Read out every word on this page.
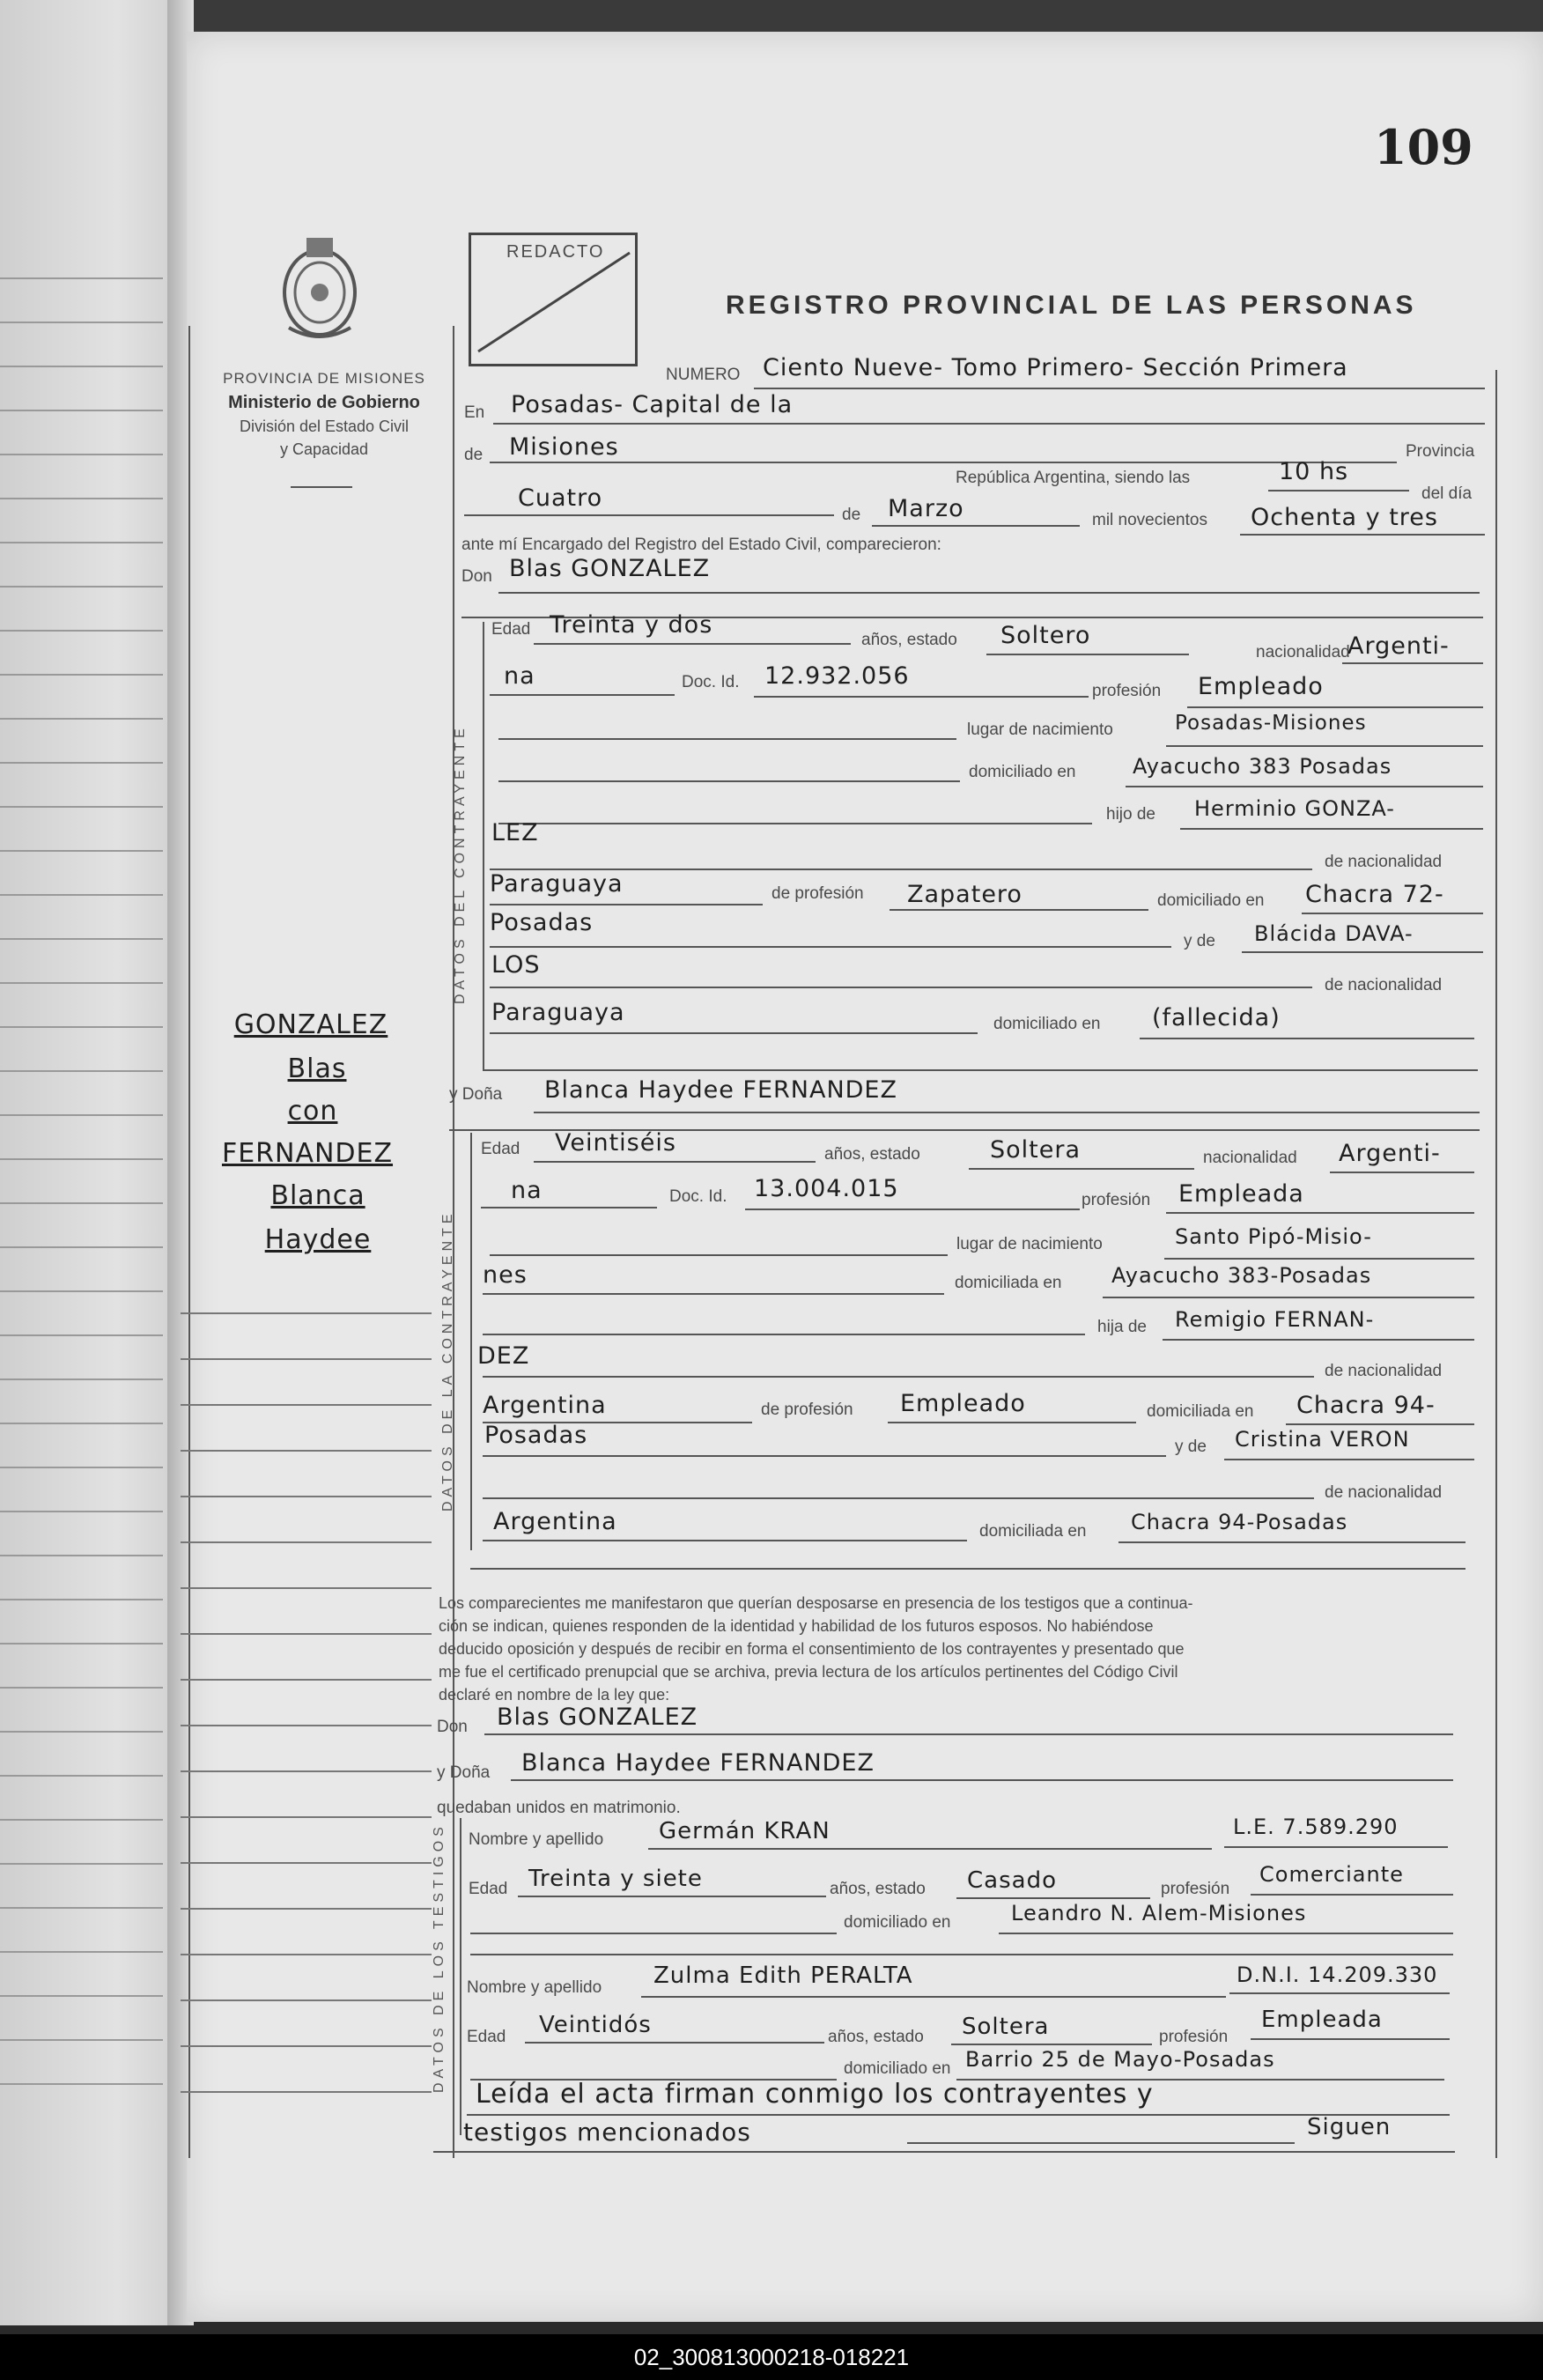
109
PROVINCIA DE MISIONES
Ministerio de Gobierno
División del Estado Civil
y Capacidad
REDACTO
REGISTRO PROVINCIAL DE LAS PERSONAS
NUMERO Ciento Nueve- Tomo Primero- Sección Primera
En Posadas- Capital de la
de Misiones	Provincia
República Argentina, siendo las	10 hs
del día
Cuatro
de Marzo	mil novecientos Ochenta y tres
ante mí Encargado del Registro del Estado Civil, comparecieron:
Don Blas GONZALEZ
DATOS DEL CONTRAYENTE
Edad Treinta y dos
años, estado Soltero
nacionalidad
Argenti-
na	Doc. Id. 12.932.056
profesión Empleado
lugar de nacimiento	Posadas-Misiones
domiciliado en	Ayacucho 383 Posadas
hijo de Herminio GONZA-
LEZ
de nacionalidad
Paraguaya	de profesión Zapatero	domiciliado en Chacra 72-
Posadas
y de Blácida DAVA-
LOS
de nacionalidad
Paraguaya	domiciliado en (fallecida)
y Doña Blanca Haydee FERNANDEZ
DATOS DE LA CONTRAYENTE
Edad Veintiséis	años, estado	Soltera	nacionalidad Argenti-
na	Doc. Id. 13.004.015	profesión Empleada
lugar de nacimiento	Santo Pipó-Misio-
nes	domiciliada en Ayacucho 383-Posadas
hija de Remigio FERNAN-
DEZ
de nacionalidad
Argentina	de profesión Empleado	domiciliada en Chacra 94-
Posadas	y de Cristina VERON
de nacionalidad
Argentina	domiciliada en Chacra 94-Posadas
Los comparecientes me manifestaron que querían desposarse en presencia de los testigos que a continua-
ción se indican, quienes responden de la identidad y habilidad de los futuros esposos. No habiéndose
deducido oposición y después de recibir en forma el consentimiento de los contrayentes y presentado que
me fue el certificado prenupcial que se archiva, previa lectura de los artículos pertinentes del Código Civil
declaré en nombre de la ley que:
Don Blas GONZALEZ
y Doña Blanca Haydee FERNANDEZ
quedaban unidos en matrimonio.
DATOS DE LOS TESTIGOS Nombre y apellido Germán KRAN	L.E. 7.589.290
Edad Treinta y siete	años, estado Casado	profesión
Comerciante
domiciliado en	Leandro N. Alem-Misiones
Nombre y apellido Zulma Edith PERALTA	D.N.I. 14.209.330
Edad Veintidós	años, estado Soltera	profesión
Empleada
domiciliado en Barrio 25 de Mayo-Posadas
Leída el acta firman conmigo los contrayentes y
testigos mencionados	Siguen
GONZALEZ
Blas
con
FERNANDEZ
Blanca
Haydee
02_300813000218-018221
